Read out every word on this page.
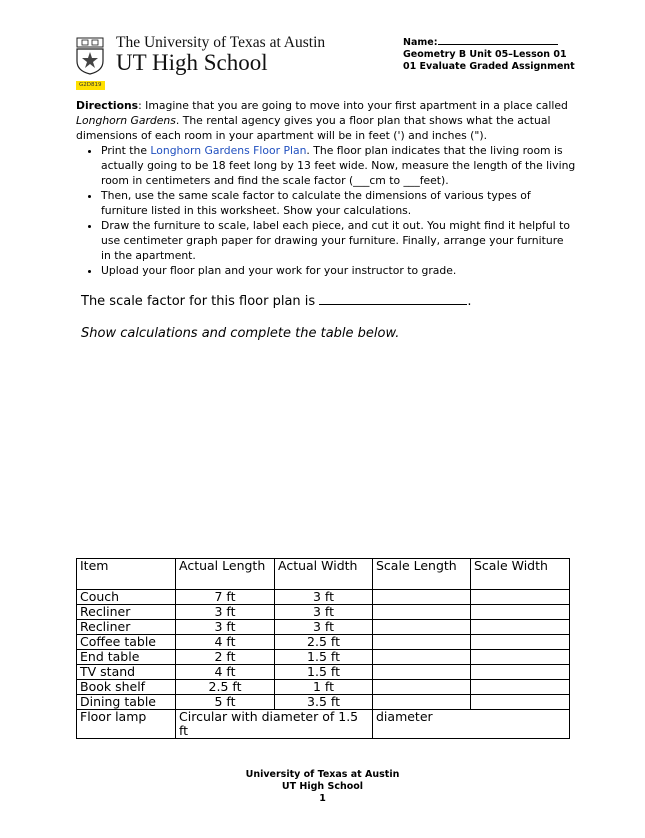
The University of Texas at Austin
UT High School
Name:
Geometry B Unit 05–Lesson 01
01 Evaluate Graded Assignment
G2D819

Directions: Imagine that you are going to move into your first apartment in a place called Longhorn Gardens. The rental agency gives you a floor plan that shows what the actual dimensions of each room in your apartment will be in feet (') and inches (").

• Print the Longhorn Gardens Floor Plan. The floor plan indicates that the living room is actually going to be 18 feet long by 13 feet wide. Now, measure the length of the living room in centimeters and find the scale factor (___cm to ___feet).
• Then, use the same scale factor to calculate the dimensions of various types of furniture listed in this worksheet. Show your calculations.
• Draw the furniture to scale, label each piece, and cut it out. You might find it helpful to use centimeter graph paper for drawing your furniture. Finally, arrange your furniture in the apartment.
• Upload your floor plan and your work for your instructor to grade.
The scale factor for this floor plan is	.
Show calculations and complete the table below.
Item	Actual Length	Actual Width	Scale Length	Scale Width
Couch	7 ft	3 ft		
Recliner	3 ft	3 ft		
Recliner	3 ft	3 ft		
Coffee table	4 ft	2.5 ft		
End table	2 ft	1.5 ft		
TV stand	4 ft	1.5 ft		
Book shelf	2.5 ft	1 ft		
Dining table	5 ft	3.5 ft		
Floor lamp	Circular with diameter of 1.5 ft		diameter	
University of Texas at Austin
UT High School
1
